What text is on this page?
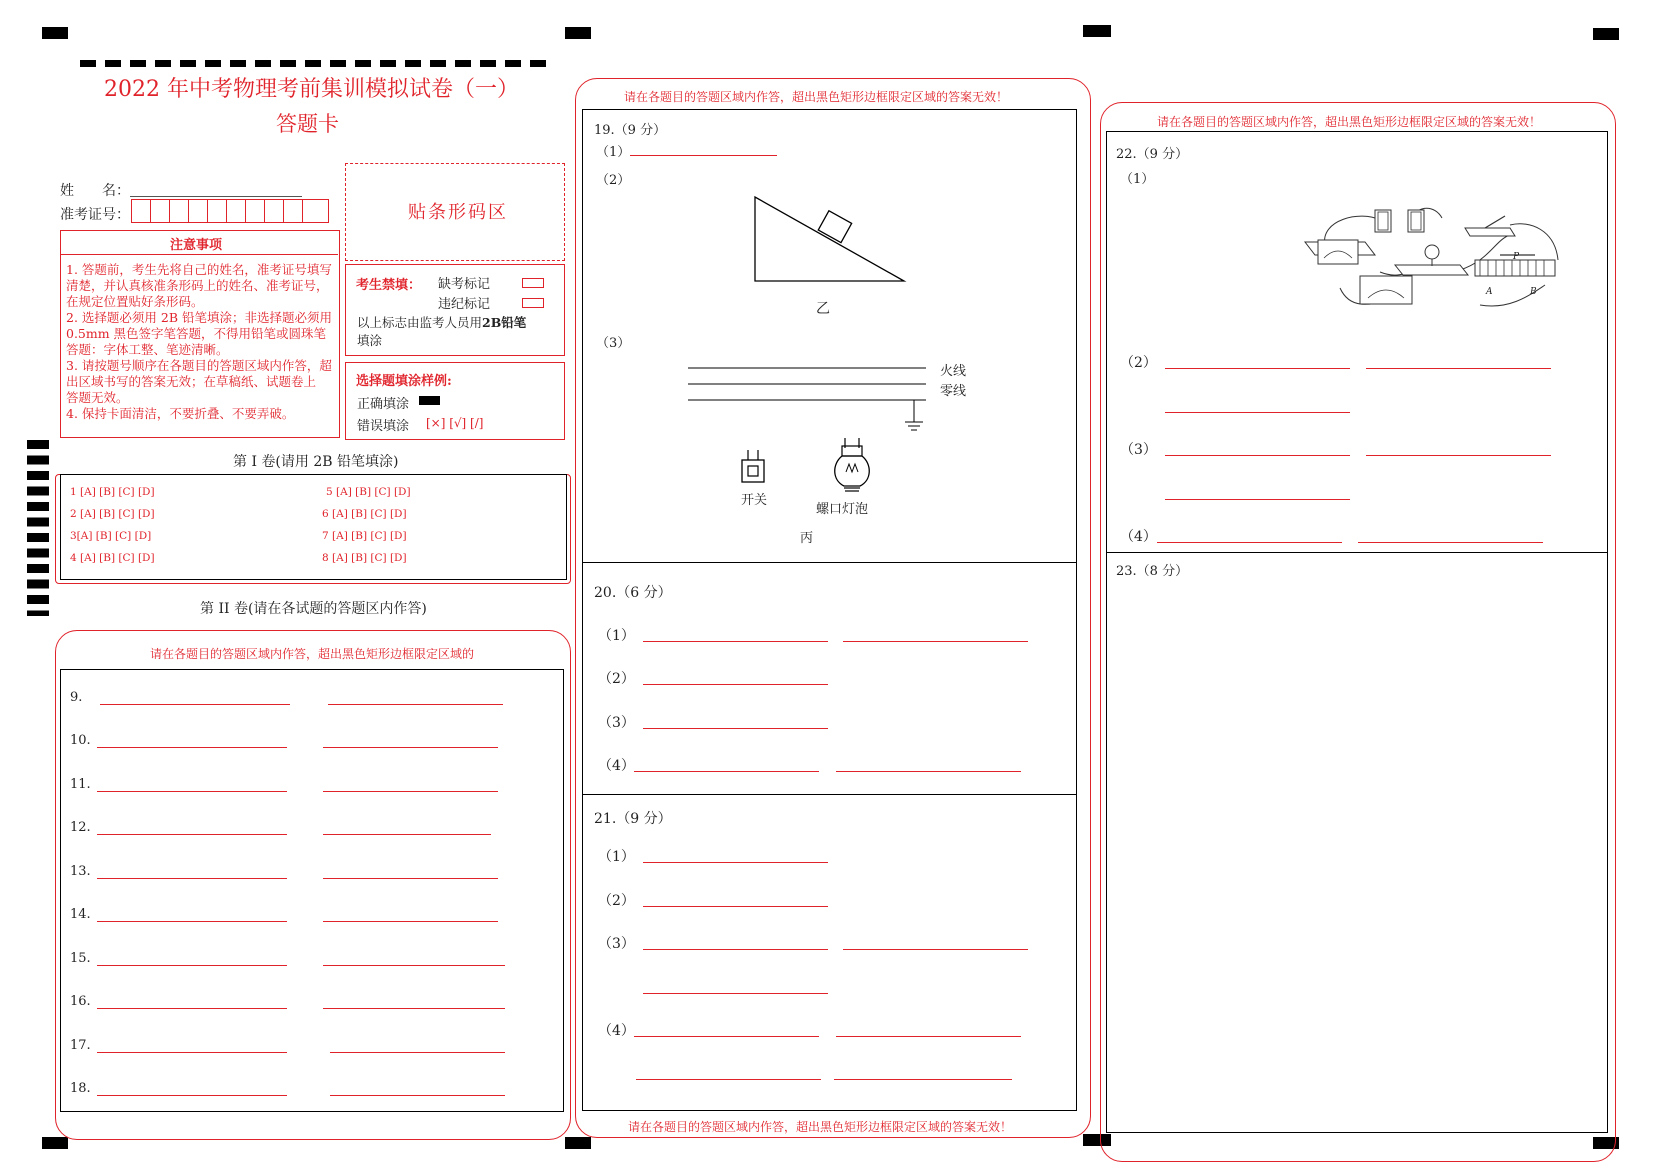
2022 年中考物理考前集训模拟试卷（一）
答题卡
姓　　名：
准考证号：	贴条形码区
注意事项
1. 答题前，考生先将自己的姓名，准考证号填写
清楚，并认真核准条形码上的姓名、准考证号，
在规定位置贴好条形码。
2. 选择题必须用 2B 铅笔填涂；非选择题必须用
0.5mm 黑色签字笔答题，不得用铅笔或圆珠笔
答题：字体工整、笔迹清晰。
3. 请按题号顺序在各题目的答题区域内作答，超
出区域书写的答案无效；在草稿纸、试题卷上
答题无效。
4. 保持卡面清洁，不要折叠、不要弄破。
考生禁填： 缺考标记
违纪标记
以上标志由监考人员用2B铅笔
填涂
选择题填涂样例:
正确填涂
错误填涂 [×] [√] [/]
第 I 卷(请用 2B 铅笔填涂)
1 [A] [B] [C] [D]
2 [A] [B] [C] [D]
3[A] [B] [C] [D]
4 [A] [B] [C] [D]
5 [A] [B] [C] [D]
6 [A] [B] [C] [D]
7 [A] [B] [C] [D]
8 [A] [B] [C] [D]
第 II 卷(请在各试题的答题区内作答)
请在各题目的答题区域内作答，超出黑色矩形边框限定区域的
9.
10.
11.
12.
13.
14.
15.
16.
17.
18.
请在各题目的答题区域内作答，超出黑色矩形边框限定区域的答案无效！
请在各题目的答题区域内作答，超出黑色矩形边框限定区域的答案无效！
19.（9 分）
（1）
（2）
乙
（3）
火线
零线
开关
螺口灯泡
丙
20.（6 分）
（1）
（2）
（3）
（4）
21.（9 分）
（1）
（2）
（3）
（4）
请在各题目的答题区域内作答，超出黑色矩形边框限定区域的答案无效！
22.（9 分）
（1）
P
A	B
（2）
（3）
（4）
23.（8 分）
